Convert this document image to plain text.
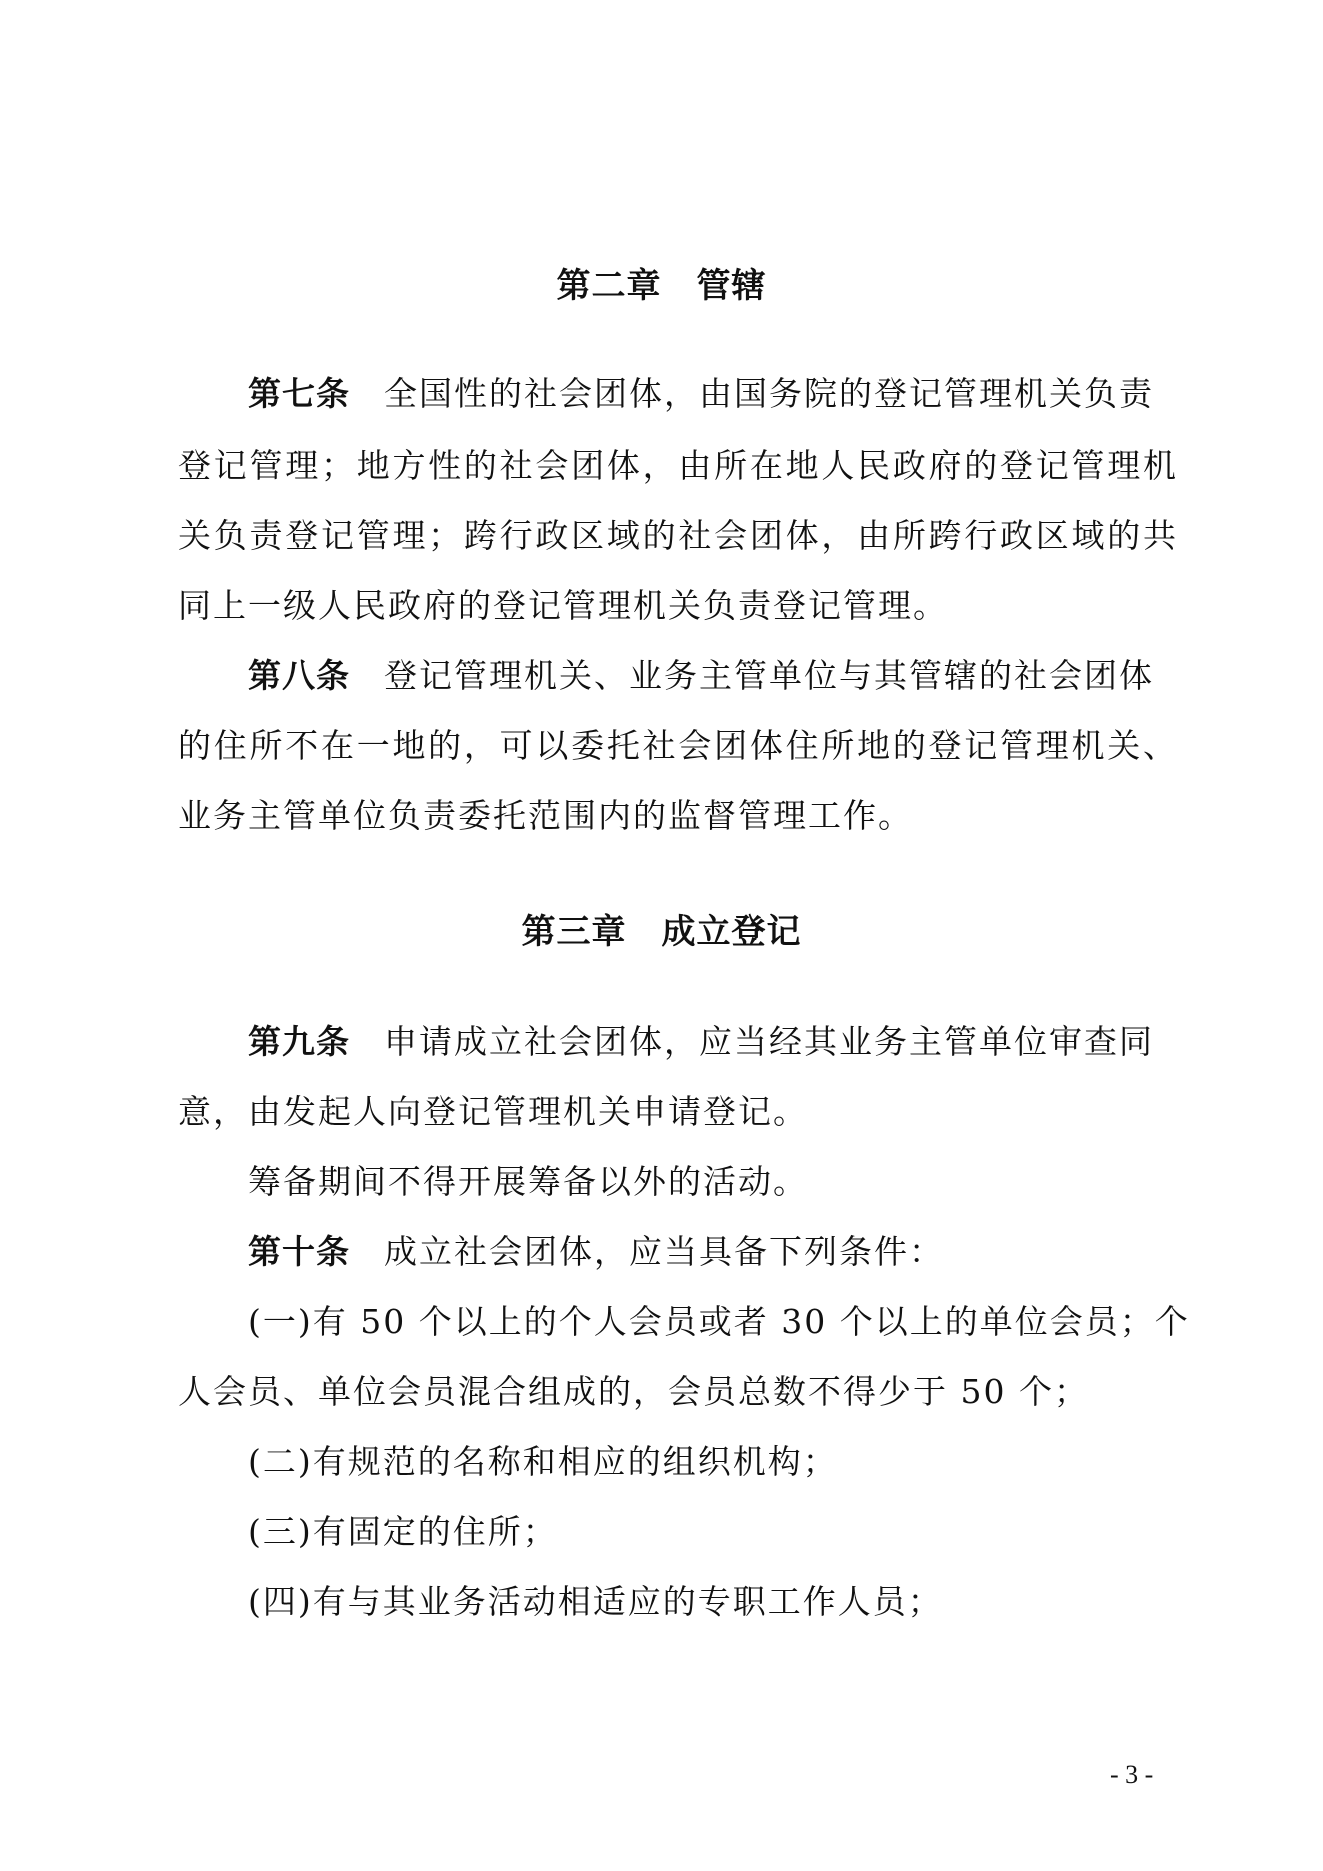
第二章　管辖
第七条 全国性的社会团体，由国务院的登记管理机关负责
登记管理；地方性的社会团体，由所在地人民政府的登记管理机
关负责登记管理；跨行政区域的社会团体，由所跨行政区域的共
同上一级人民政府的登记管理机关负责登记管理。
第八条 登记管理机关、业务主管单位与其管辖的社会团体
的住所不在一地的，可以委托社会团体住所地的登记管理机关、
业务主管单位负责委托范围内的监督管理工作。
第三章　成立登记
第九条 申请成立社会团体，应当经其业务主管单位审查同
意，由发起人向登记管理机关申请登记。
筹备期间不得开展筹备以外的活动。
第十条 成立社会团体，应当具备下列条件：
(一)有 50 个以上的个人会员或者 30 个以上的单位会员；个
人会员、单位会员混合组成的，会员总数不得少于 50 个；
(二)有规范的名称和相应的组织机构；
(三)有固定的住所；
(四)有与其业务活动相适应的专职工作人员；
- 3 -
